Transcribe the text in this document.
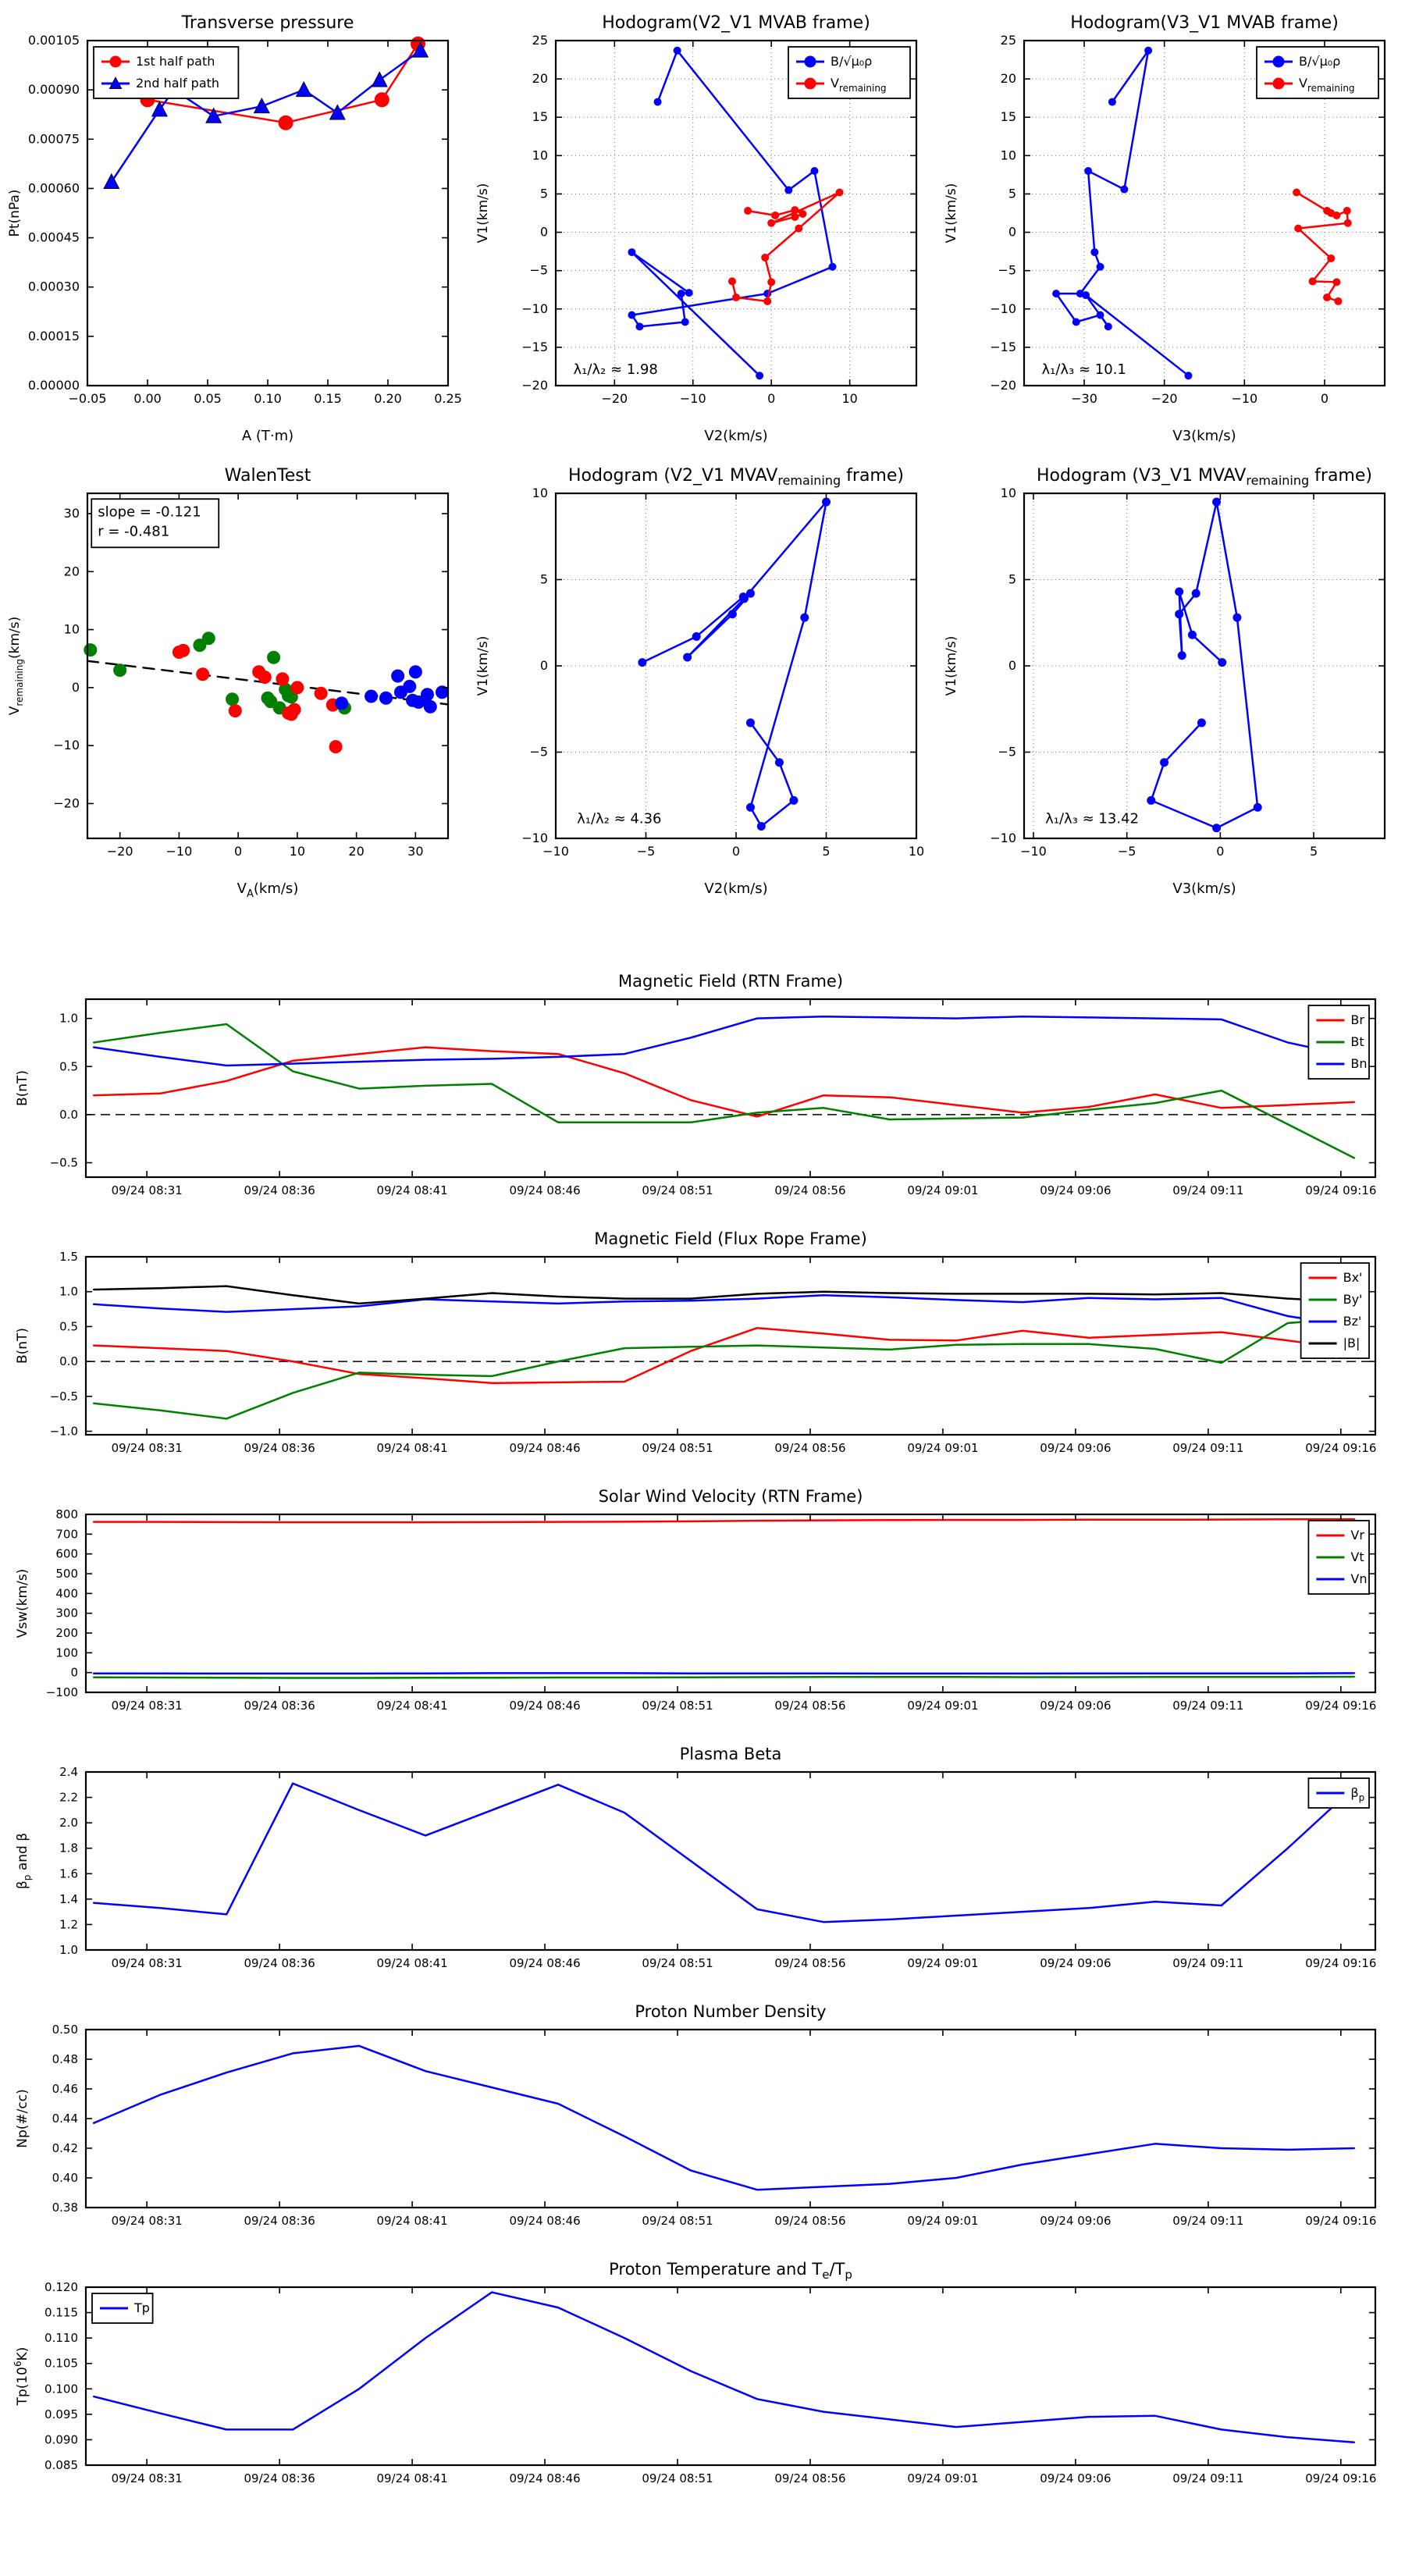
−0.05 0.00	0.05	0.10	0.15	0.20	0.25
0.00000
0.00015
0.00030
0.00045
0.00060
0.00075
0.00090
0.00105
Transverse pressure
A (T·m)
Pt(nPa)
1st half path
2nd half path
−20	−10	0	10
−20
−15
−10
−5
0
5
10
15
20
25
Hodogram(V2_V1 MVAB frame)
V2(km/s)
V1(km/s)
λ₁/λ₂ ≈ 1.98
B/√μ₀ρ
$V_{remaining}$
−30	−20	−10	0
−20
−15
−10
−5
0
5
10
15
20
25
Hodogram(V3_V1 MVAB frame)
V3(km/s)
V1(km/s)
λ₁/λ₃ ≈ 10.1
B/√μ₀ρ
$V_{remaining}$
−20	−10	0	10	20	30
−20
−10
0
10
20
30
WalenTest
$V_A(km/s)$
$V_{remaining}(km/s)$
slope = -0.121
r = -0.481
−10	−5	0	5	10
−10
−5
0
5
10
Hodogram (V2_V1 $MVAV_{remaining}$ frame)
V2(km/s)
V1(km/s)
λ₁/λ₂ ≈ 4.36
−10	−5	0	5
−10
−5
0
5
10
Hodogram (V3_V1 $MVAV_{remaining}$ frame)
V3(km/s)
V1(km/s)
λ₁/λ₃ ≈ 13.42
09/24 08:31	09/24 08:36	09/24 08:41	09/24 08:46	09/24 08:51	09/24 08:56	09/24 09:01	09/24 09:06	09/24 09:11	09/24 09:16
−0.5
0.0
0.5
1.0
Magnetic Field (RTN Frame)
B(nT)
Br
Bt
Bn
09/24 08:31	09/24 08:36	09/24 08:41	09/24 08:46	09/24 08:51	09/24 08:56	09/24 09:01	09/24 09:06	09/24 09:11	09/24 09:16
−1.0
−0.5
0.0
0.5
1.0
1.5
Magnetic Field (Flux Rope Frame)
B(nT)
Bx'
By'
Bz'
|B|
09/24 08:31	09/24 08:36	09/24 08:41	09/24 08:46	09/24 08:51	09/24 08:56	09/24 09:01	09/24 09:06	09/24 09:11	09/24 09:16
−100
0
100
200
300
400
500
600
700
800
Solar Wind Velocity (RTN Frame)
Vsw(km/s)
Vr
Vt
Vn
09/24 08:31	09/24 08:36	09/24 08:41	09/24 08:46	09/24 08:51	09/24 08:56	09/24 09:01	09/24 09:06	09/24 09:11	09/24 09:16
1.0
1.2
1.4
1.6
1.8
2.0
2.2
2.4
Plasma Beta
$\beta_p$ and β
$\beta_p$
09/24 08:31	09/24 08:36	09/24 08:41	09/24 08:46	09/24 08:51	09/24 08:56	09/24 09:01	09/24 09:06	09/24 09:11	09/24 09:16
0.38
0.40
0.42
0.44
0.46
0.48
0.50
Proton Number Density
Np(#/cc)
09/24 08:31	09/24 08:36	09/24 08:41	09/24 08:46	09/24 08:51	09/24 08:56	09/24 09:01	09/24 09:06	09/24 09:11	09/24 09:16
0.085
0.090
0.095
0.100
0.105
0.110
0.115
0.120
Proton Temperature and $T_e/T_p$
$Tp(10^6K)$
Tp
